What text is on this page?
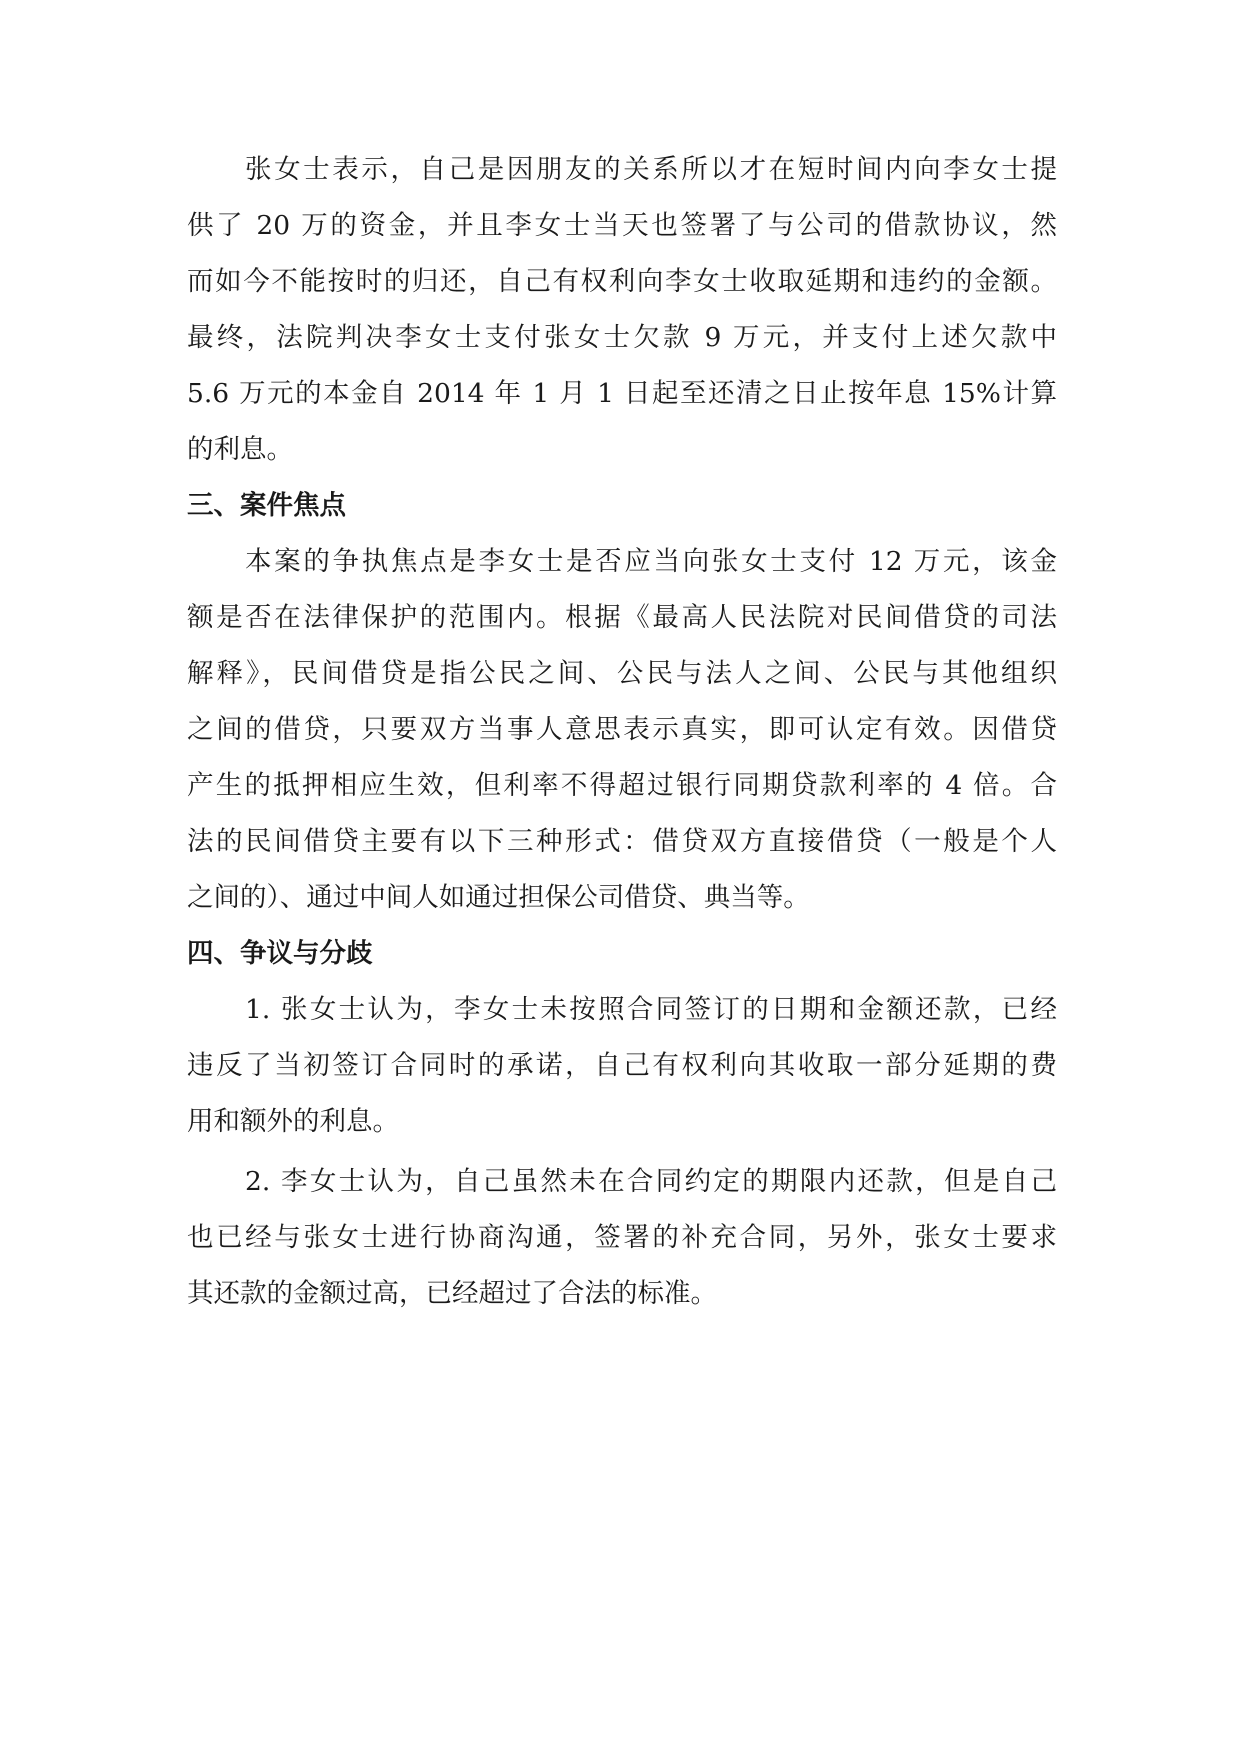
张女士表示，自己是因朋友的关系所以才在短时间内向李女士提
供了 20 万的资金，并且李女士当天也签署了与公司的借款协议，然
而如今不能按时的归还，自己有权利向李女士收取延期和违约的金额。
最终，法院判决李女士支付张女士欠款 9 万元，并支付上述欠款中
5.6 万元的本金自 2014 年 1 月 1 日起至还清之日止按年息 15%计算
的利息。
三、案件焦点
本案的争执焦点是李女士是否应当向张女士支付 12 万元，该金
额是否在法律保护的范围内。根据《最高人民法院对民间借贷的司法
解释》，民间借贷是指公民之间、公民与法人之间、公民与其他组织
之间的借贷，只要双方当事人意思表示真实，即可认定有效。因借贷
产生的抵押相应生效，但利率不得超过银行同期贷款利率的 4 倍。合
法的民间借贷主要有以下三种形式：借贷双方直接借贷（一般是个人
之间的）、通过中间人如通过担保公司借贷、典当等。
四、争议与分歧
1. 张女士认为，李女士未按照合同签订的日期和金额还款，已经
违反了当初签订合同时的承诺，自己有权利向其收取一部分延期的费
用和额外的利息。
2. 李女士认为，自己虽然未在合同约定的期限内还款，但是自己
也已经与张女士进行协商沟通，签署的补充合同，另外，张女士要求
其还款的金额过高，已经超过了合法的标准。
